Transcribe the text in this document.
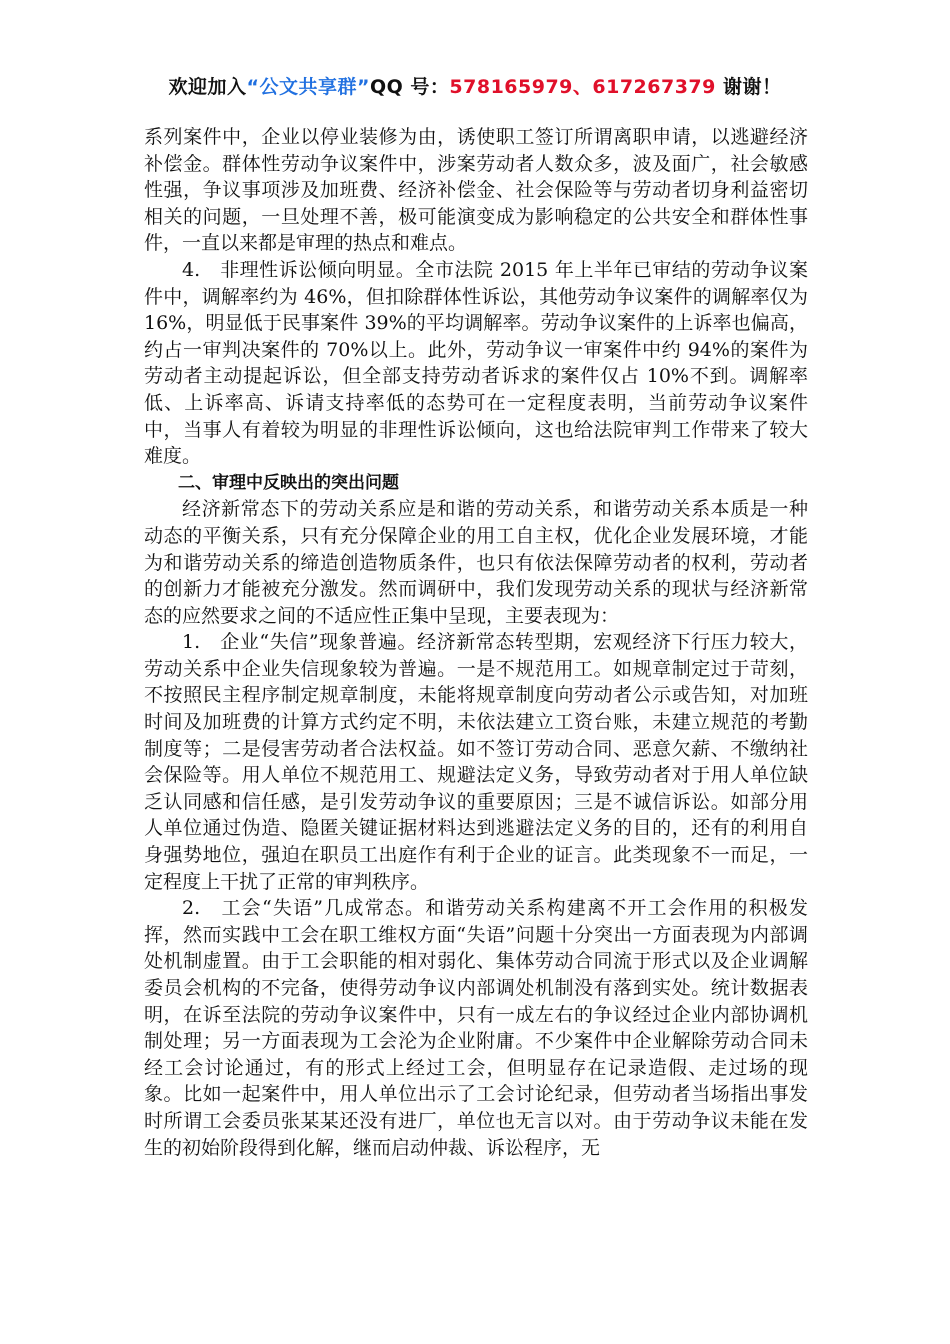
欢迎加入“公文共享群”QQ 号：578165979、617267379 谢谢！

系列案件中，企业以停业装修为由，诱使职工签订所谓离职申请，以逃避经济补偿金。群体性劳动争议案件中，涉案劳动者人数众多，波及面广，社会敏感性强，争议事项涉及加班费、经济补偿金、社会保险等与劳动者切身利益密切相关的问题，一旦处理不善，极可能演变成为影响稳定的公共安全和群体性事件，一直以来都是审理的热点和难点。

4.　非理性诉讼倾向明显。全市法院 2015 年上半年已审结的劳动争议案件中，调解率约为 46%，但扣除群体性诉讼，其他劳动争议案件的调解率仅为 16%，明显低于民事案件 39%的平均调解率。劳动争议案件的上诉率也偏高，约占一审判决案件的 70%以上。此外，劳动争议一审案件中约 94%的案件为劳动者主动提起诉讼，但全部支持劳动者诉求的案件仅占 10%不到。调解率低、上诉率高、诉请支持率低的态势可在一定程度表明，当前劳动争议案件中，当事人有着较为明显的非理性诉讼倾向，这也给法院审判工作带来了较大难度。

二、审理中反映出的突出问题

经济新常态下的劳动关系应是和谐的劳动关系，和谐劳动关系本质是一种动态的平衡关系，只有充分保障企业的用工自主权，优化企业发展环境，才能为和谐劳动关系的缔造创造物质条件，也只有依法保障劳动者的权利，劳动者的创新力才能被充分激发。然而调研中，我们发现劳动关系的现状与经济新常态的应然要求之间的不适应性正集中呈现，主要表现为：

1.　企业“失信”现象普遍。经济新常态转型期，宏观经济下行压力较大，劳动关系中企业失信现象较为普遍。一是不规范用工。如规章制定过于苛刻，不按照民主程序制定规章制度，未能将规章制度向劳动者公示或告知，对加班时间及加班费的计算方式约定不明，未依法建立工资台账，未建立规范的考勤制度等；二是侵害劳动者合法权益。如不签订劳动合同、恶意欠薪、不缴纳社会保险等。用人单位不规范用工、规避法定义务，导致劳动者对于用人单位缺乏认同感和信任感，是引发劳动争议的重要原因；三是不诚信诉讼。如部分用人单位通过伪造、隐匿关键证据材料达到逃避法定义务的目的，还有的利用自身强势地位，强迫在职员工出庭作有利于企业的证言。此类现象不一而足，一定程度上干扰了正常的审判秩序。

2.　工会“失语”几成常态。和谐劳动关系构建离不开工会作用的积极发挥，然而实践中工会在职工维权方面“失语”问题十分突出一方面表现为内部调处机制虚置。由于工会职能的相对弱化、集体劳动合同流于形式以及企业调解委员会机构的不完备，使得劳动争议内部调处机制没有落到实处。统计数据表明，在诉至法院的劳动争议案件中，只有一成左右的争议经过企业内部协调机制处理；另一方面表现为工会沦为企业附庸。不少案件中企业解除劳动合同未经工会讨论通过，有的形式上经过工会，但明显存在记录造假、走过场的现象。比如一起案件中，用人单位出示了工会讨论纪录，但劳动者当场指出事发时所谓工会委员张某某还没有进厂，单位也无言以对。由于劳动争议未能在发生的初始阶段得到化解，继而启动仲裁、诉讼程序，无
